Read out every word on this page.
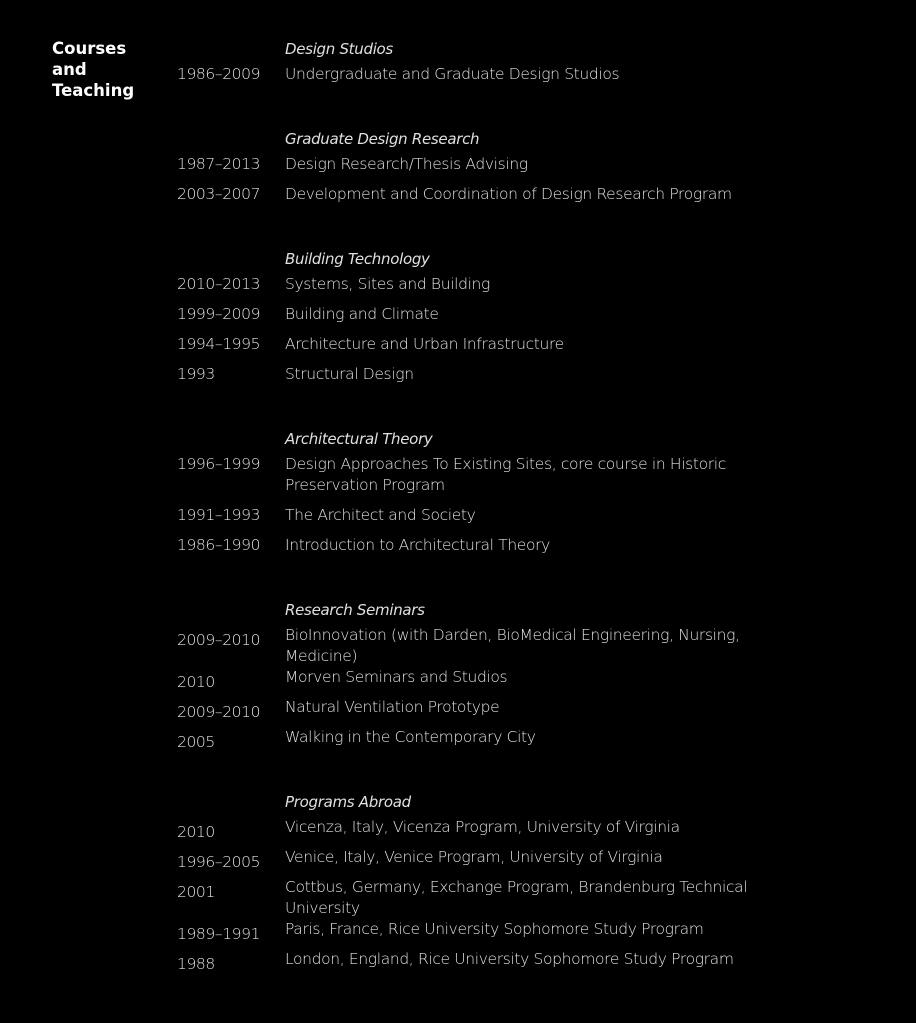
Courses
and
Teaching
Design Studios
1986–2009	Undergraduate and Graduate Design Studios
Graduate Design Research
1987–2013	Design Research/Thesis Advising
2003–2007	Development and Coordination of Design Research Program
Building Technology
2010–2013	Systems, Sites and Building
1999–2009	Building and Climate
1994–1995	Architecture and Urban Infrastructure
1993	Structural Design
Architectural Theory
1996–1999	Design Approaches To Existing Sites, core course in Historic Preservation Program
1991–1993	The Architect and Society
1986–1990	Introduction to Architectural Theory
Research Seminars
2009–2010	BioInnovation (with Darden, BioMedical Engineering, Nursing, Medicine)
2010	Morven Seminars and Studios
2009–2010	Natural Ventilation Prototype
2005	Walking in the Contemporary City
Programs Abroad
2010	Vicenza, Italy, Vicenza Program, University of Virginia
1996–2005	Venice, Italy, Venice Program, University of Virginia
2001	Cottbus, Germany, Exchange Program, Brandenburg Technical University
1989–1991	Paris, France, Rice University Sophomore Study Program
1988	London, England, Rice University Sophomore Study Program
